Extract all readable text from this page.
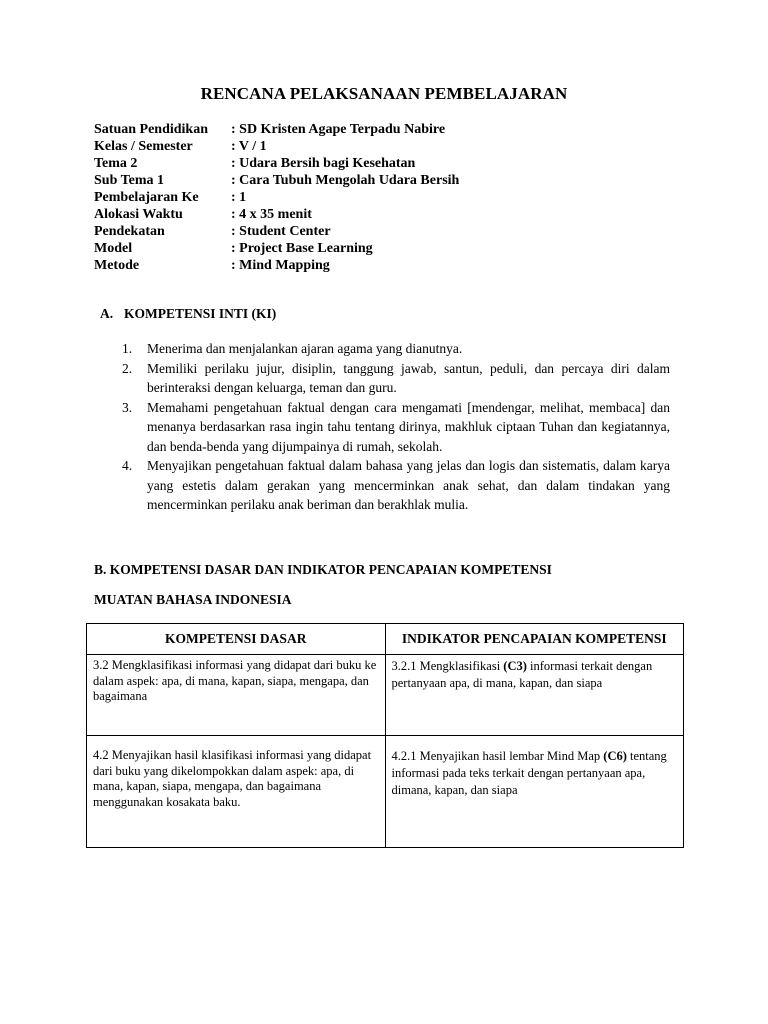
RENCANA PELAKSANAAN PEMBELAJARAN
Satuan Pendidikan	: SD Kristen Agape Terpadu Nabire
Kelas / Semester	: V / 1
Tema 2	: Udara Bersih bagi Kesehatan
Sub Tema 1	: Cara Tubuh Mengolah Udara Bersih
Pembelajaran Ke	: 1
Alokasi Waktu	: 4 x 35 menit
Pendekatan	: Student Center
Model	: Project Base Learning
Metode	: Mind Mapping
A. KOMPETENSI INTI (KI)
1.	Menerima dan menjalankan ajaran agama yang dianutnya.
2.	Memiliki perilaku jujur, disiplin, tanggung jawab, santun, peduli, dan percaya diri dalam berinteraksi dengan keluarga, teman dan guru.
3.	Memahami pengetahuan faktual dengan cara mengamati [mendengar, melihat, membaca] dan menanya berdasarkan rasa ingin tahu tentang dirinya, makhluk ciptaan Tuhan dan kegiatannya, dan benda-benda yang dijumpainya di rumah, sekolah.
4.	Menyajikan pengetahuan faktual dalam bahasa yang jelas dan logis dan sistematis, dalam karya yang estetis dalam gerakan yang mencerminkan anak sehat, dan dalam tindakan yang mencerminkan perilaku anak beriman dan berakhlak mulia.
B. KOMPETENSI DASAR DAN INDIKATOR PENCAPAIAN KOMPETENSI
MUATAN BAHASA INDONESIA
KOMPETENSI DASAR	INDIKATOR PENCAPAIAN KOMPETENSI
3.2 Mengklasifikasi informasi yang didapat dari buku ke dalam aspek: apa, di mana, kapan, siapa, mengapa, dan bagaimana	3.2.1 Mengklasifikasi (C3) informasi terkait dengan pertanyaan apa, di mana, kapan, dan siapa
4.2 Menyajikan hasil klasifikasi informasi yang didapat dari buku yang dikelompokkan dalam aspek: apa, di mana, kapan, siapa, mengapa, dan bagaimana menggunakan kosakata baku.	4.2.1 Menyajikan hasil lembar Mind Map (C6) tentang informasi pada teks terkait dengan pertanyaan apa, dimana, kapan, dan siapa
